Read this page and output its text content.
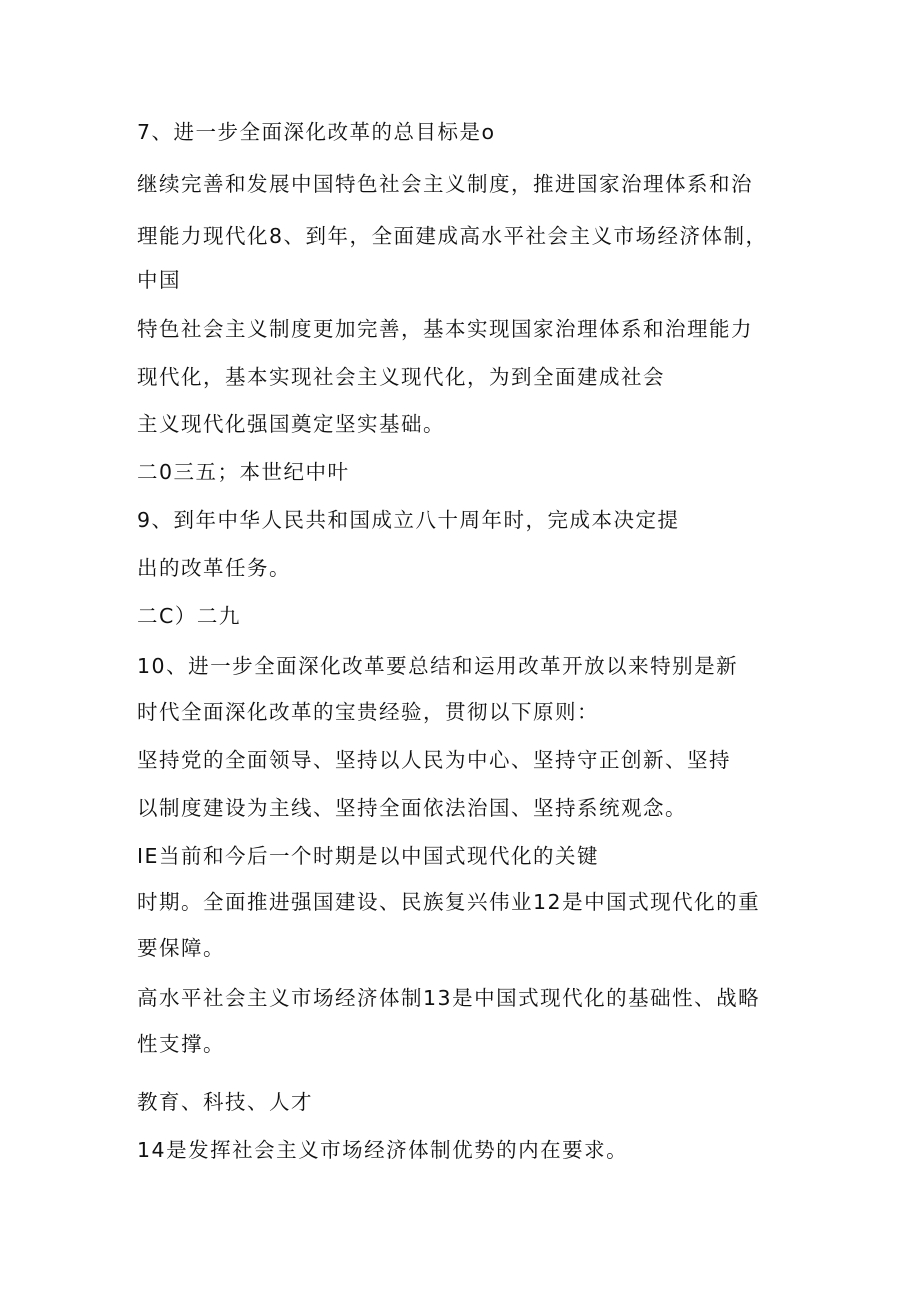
7、进一步全面深化改革的总目标是o

继续完善和发展中国特色社会主义制度，推进国家治理体系和治

理能力现代化8、到年，全面建成高水平社会主义市场经济体制，

中国

特色社会主义制度更加完善，基本实现国家治理体系和治理能力

现代化，基本实现社会主义现代化，为到全面建成社会

主义现代化强国奠定坚实基础。

二0三五；本世纪中叶

9、到年中华人民共和国成立八十周年时，完成本决定提

出的改革任务。

二C）二九

10、进一步全面深化改革要总结和运用改革开放以来特别是新

时代全面深化改革的宝贵经验，贯彻以下原则：

坚持党的全面领导、坚持以人民为中心、坚持守正创新、坚持

以制度建设为主线、坚持全面依法治国、坚持系统观念。

IE当前和今后一个时期是以中国式现代化的关键

时期。全面推进强国建设、民族复兴伟业12是中国式现代化的重

要保障。

高水平社会主义市场经济体制13是中国式现代化的基础性、战略

性支撑。

教育、科技、人才

14是发挥社会主义市场经济体制优势的内在要求。
